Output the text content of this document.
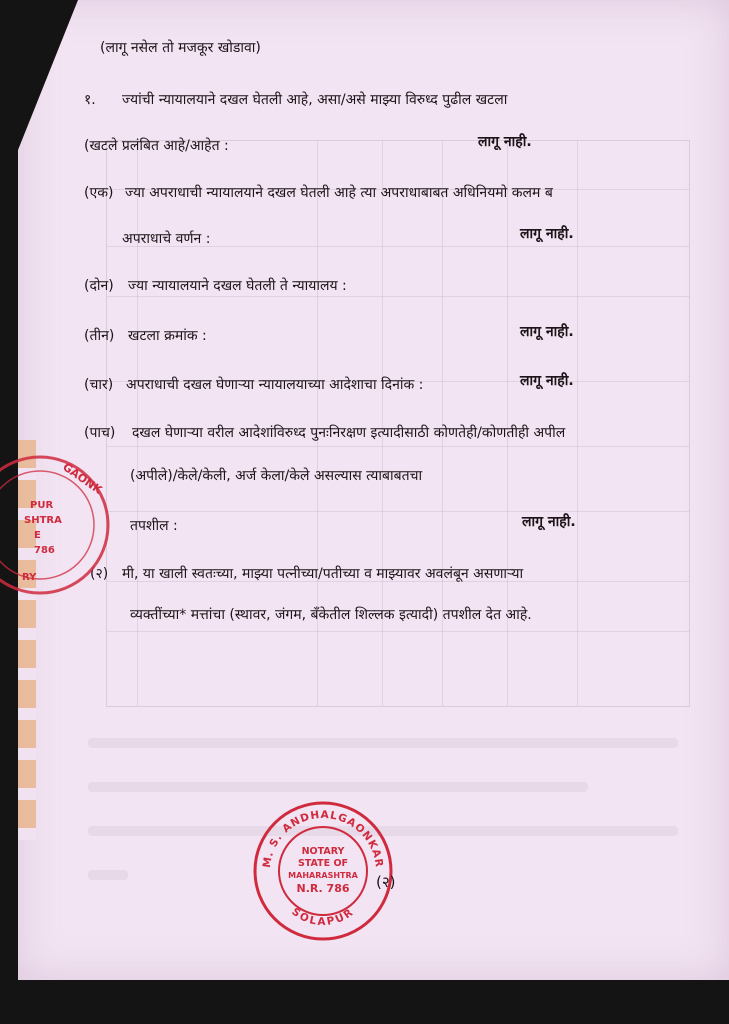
(लागू नसेल तो मजकूर खोडावा)
१. ज्यांची न्यायालयाने दखल घेतली आहे, असा/असे माझ्या विरुध्द पुढील खटला
(खटले प्रलंबित आहे/आहेत :	लागू नाही.
(एक) ज्या अपराधाची न्यायालयाने दखल घेतली आहे त्या अपराधाबाबत अधिनियमो कलम ब
अपराधाचे वर्णन :	लागू नाही.
(दोन) ज्या न्यायालयाने दखल घेतली ते न्यायालय :
(तीन) खटला क्रमांक :	लागू नाही.
(चार) अपराधाची दखल घेणाऱ्या न्यायालयाच्या आदेशाचा दिनांक :	लागू नाही.
(पाच) दखल घेणाऱ्या वरील आदेशांविरुध्द पुनःनिरक्षण इत्यादीसाठी कोणतेही/कोणतीही अपील
(अपीले)/केले/केली, अर्ज केला/केले असल्यास त्याबाबतचा
तपशील :	लागू नाही.
(२) मी, या खाली स्वतःच्या, माझ्या पत्नीच्या/पतीच्या व माझ्यावर अवलंबून असणाऱ्या
व्यक्तींच्या* मत्तांचा (स्थावर, जंगम, बँकेतील शिल्लक इत्यादी) तपशील देत आहे.
GAONK
PUR
SHTRA
E
786
RY
M. S. ANDHALGAONKAR
SOLAPUR
NOTARY
STATE OF
MAHARASHTRA
N.R. 786 (२)
